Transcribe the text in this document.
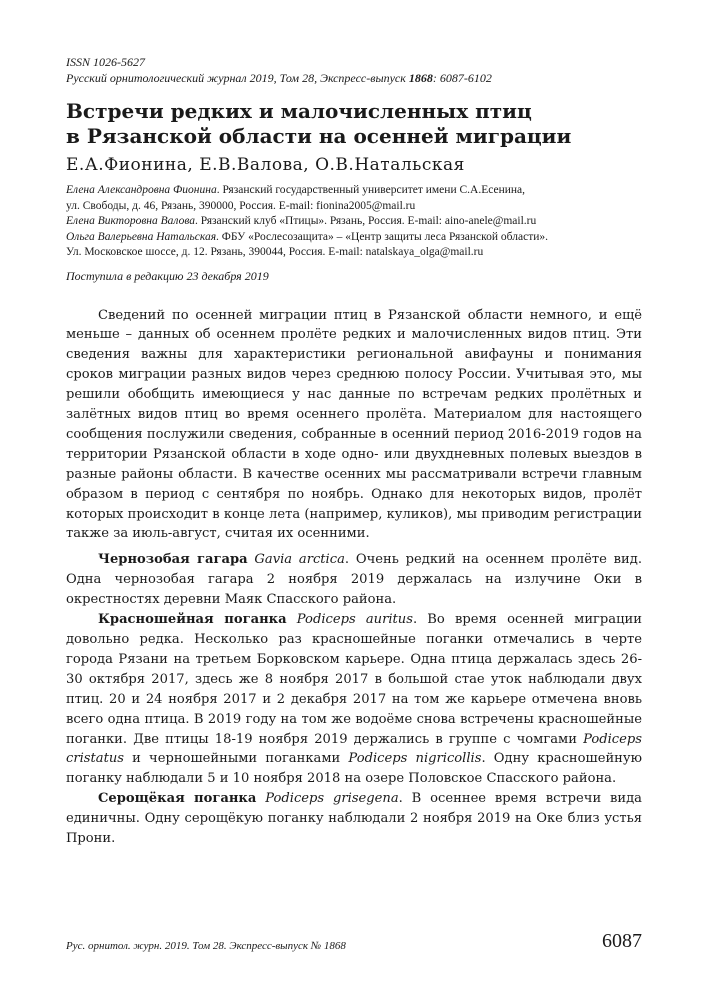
ISSN 1026-5627

Русский орнитологический журнал 2019, Том 28, Экспресс-выпуск 1868: 6087-6102

Встречи редких и малочисленных птиц
в Рязанской области на осенней миграции

Е.А.Фионина, Е.В.Валова, О.В.Натальская

Елена Александровна Фионина. Рязанский государственный университет имени С.А.Есенина,

ул. Свободы, д. 46, Рязань, 390000, Россия. E-mail: fionina2005@mail.ru

Елена Викторовна Валова. Рязанский клуб «Птицы». Рязань, Россия. E-mail: aino-anele@mail.ru

Ольга Валерьевна Натальская. ФБУ «Рослесозащита» – «Центр защиты леса Рязанской области».

Ул. Московское шоссе, д. 12. Рязань, 390044, Россия. E-mail: natalskaya_olga@mail.ru

Поступила в редакцию 23 декабря 2019

Сведений по осенней миграции птиц в Рязанской области немного, и ещё меньше – данных об осеннем пролёте редких и малочисленных видов птиц. Эти сведения важны для характеристики региональной авифауны и понимания сроков миграции разных видов через среднюю полосу России. Учитывая это, мы решили обобщить имеющиеся у нас данные по встречам редких пролётных и залётных видов птиц во время осеннего пролёта. Материалом для настоящего сообщения послужили сведения, собранные в осенний период 2016-2019 годов на территории Рязанской области в ходе одно- или двухдневных полевых выездов в разные районы области. В качестве осенних мы рассматривали встречи главным образом в период с сентября по ноябрь. Однако для некоторых видов, пролёт которых происходит в конце лета (например, куликов), мы приводим регистрации также за июль-август, считая их осенними.

Чернозобая гагара Gavia arctica. Очень редкий на осеннем пролёте вид. Одна чернозобая гагара 2 ноября 2019 держалась на излучине Оки в окрестностях деревни Маяк Спасского района.

Красношейная поганка Podiceps auritus. Во время осенней миграции довольно редка. Несколько раз красношейные поганки отмечались в черте города Рязани на третьем Борковском карьере. Одна птица держалась здесь 26-30 октября 2017, здесь же 8 ноября 2017 в большой стае уток наблюдали двух птиц. 20 и 24 ноября 2017 и 2 декабря 2017 на том же карьере отмечена вновь всего одна птица. В 2019 году на том же водоёме снова встречены красношейные поганки. Две птицы 18-19 ноября 2019 держались в группе с чомгами Podiceps cristatus и черношейными поганками Podiceps nigricollis. Одну красношейную поганку наблюдали 5 и 10 ноября 2018 на озере Половское Спасского района.

Серощёкая поганка Podiceps grisegena. В осеннее время встречи вида единичны. Одну серощёкую поганку наблюдали 2 ноября 2019 на Оке близ устья Прони.

Рус. орнитол. журн. 2019. Том 28. Экспресс-выпуск № 1868	6087
